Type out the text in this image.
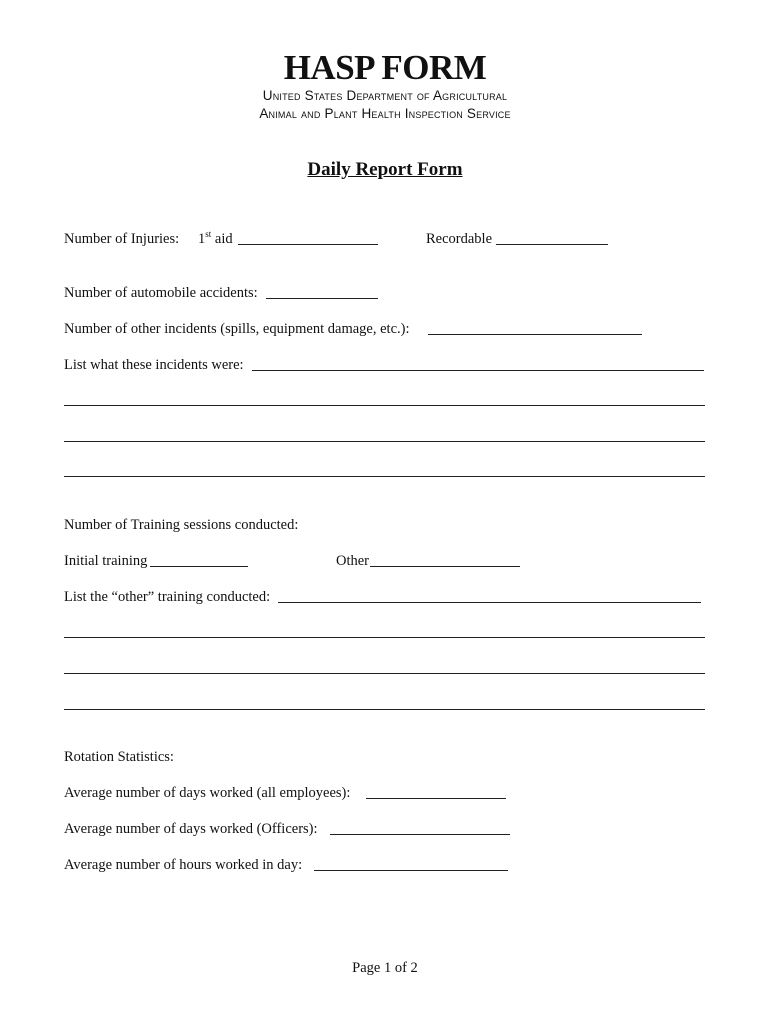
HASP FORM
United States Department of Agricultural
Animal and Plant Health Inspection Service
Daily Report Form
Number of Injuries: 1st aid	Recordable
Number of automobile accidents:
Number of other incidents (spills, equipment damage, etc.):
List what these incidents were:
Number of Training sessions conducted:
Initial training	Other
List the “other” training conducted:
Rotation Statistics:
Average number of days worked (all employees):
Average number of days worked (Officers):
Average number of hours worked in day:
Page 1 of 2
